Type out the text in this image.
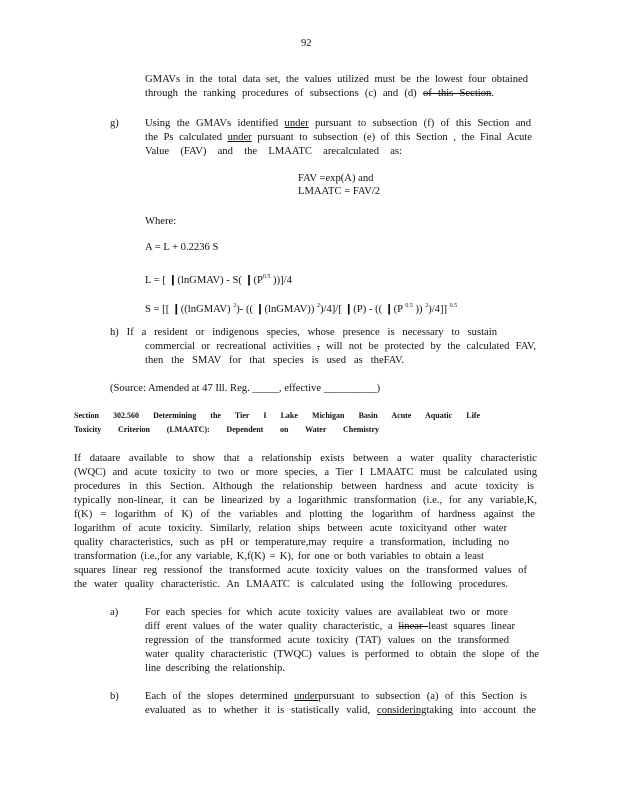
92
GMAVs in the total data set, the values utilized must be the lowest four obtained
through the ranking procedures of subsections (c) and (d) of this Section.
g) Using the GMAVs identified under pursuant to subsection (f) of this Section and
the Ps calculated under pursuant to subsection (e) of this Section , the Final Acute
Value (FAV) and the LMAATC arecalculated as:
FAV =exp(A) and
LMAATC = FAV/2
Where:
A = L + 0.2236 S
L = [ ❙(lnGMAV) - S( $❙(P^{0.5}$ ))]/4
S = [[ ❙((lnGMAV) $^2$)- (( ❙(lnGMAV)) $^2$)/4]/[ ❙(P) - (( ❙(P $^{0.5}$ )) $^2$)/4]] $^{0.5}$
h) If a resident or indigenous species, whose presence is necessary to sustain
commercial or recreational activities , will not be protected by the calculated FAV,
then the SMAV for that species is used as theFAV.
(Source: Amended at 47 Ill. Reg. _____, effective __________)
Section 302.560 Determining the Tier I Lake Michigan Basin Acute Aquatic Life
Toxicity Criterion (LMAATC): Dependent on Water Chemistry
If dataare available to show that a relationship exists between a water quality characteristic
(WQC) and acute toxicity to two or more species, a Tier I LMAATC must be calculated using
procedures in this Section. Although the relationship between hardness and acute toxicity is
typically non-linear, it can be linearized by a logarithmic transformation (i.e., for any variable,K,
f(K) = logarithm of K) of the variables and plotting the logarithm of hardness against the
logarithm of acute toxicity. Similarly, relation ships between acute toxicityand other water
quality characteristics, such as pH or temperature,may require a transformation, including no
transformation (i.e.,for any variable, K,f(K) = K), for one or both variables to obtain a least
squares linear reg ressionof the transformed acute toxicity values on the transformed values of
the water quality characteristic. An LMAATC is calculated using the following procedures.
a)	For each species for which acute toxicity values are availableat two or more
diff erent values of the water quality characteristic, a linear least squares linear
regression of the transformed acute toxicity (TAT) values on the transformed
water quality characteristic (TWQC) values is performed to obtain the slope of the
line describing the relationship.
b) Each of the slopes determined underpursuant to subsection (a) of this Section is
evaluated as to whether it is statistically valid, consideringtaking into account the
